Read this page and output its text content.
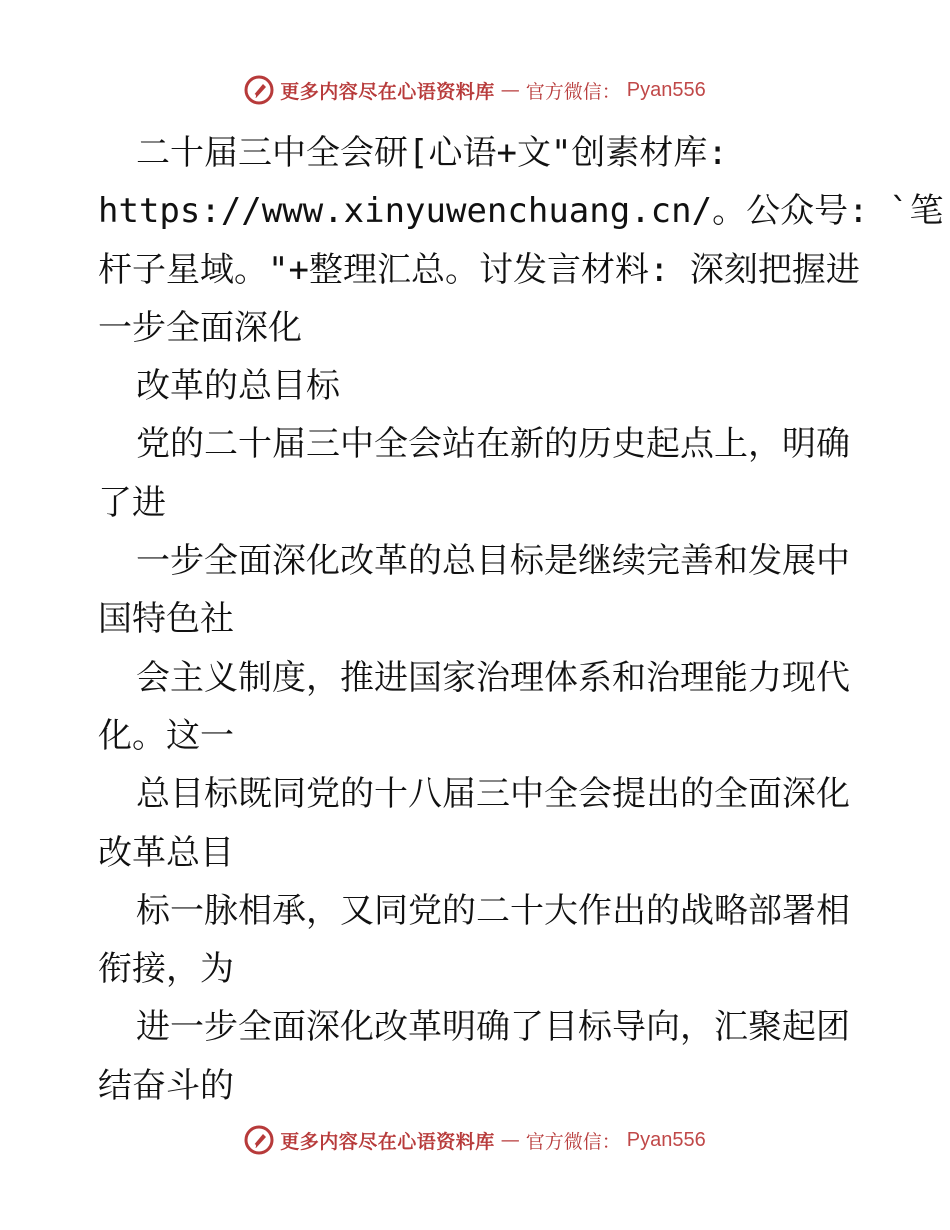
更多内容尽在心语资料库 — 官方微信： Pyan556
二十届三中全会研[心语+文"创素材库:
https://www.xinyuwenchuang.cn/。公众号: `笔
杆子星域。"+整理汇总。讨发言材料: 深刻把握进
一步全面深化
改革的总目标
党的二十届三中全会站在新的历史起点上，明确
了进
一步全面深化改革的总目标是继续完善和发展中
国特色社
会主义制度，推进国家治理体系和治理能力现代
化。这一
总目标既同党的十八届三中全会提出的全面深化
改革总目
标一脉相承，又同党的二十大作出的战略部署相
衔接，为
进一步全面深化改革明确了目标导向，汇聚起团
结奋斗的
更多内容尽在心语资料库 — 官方微信： Pyan556
